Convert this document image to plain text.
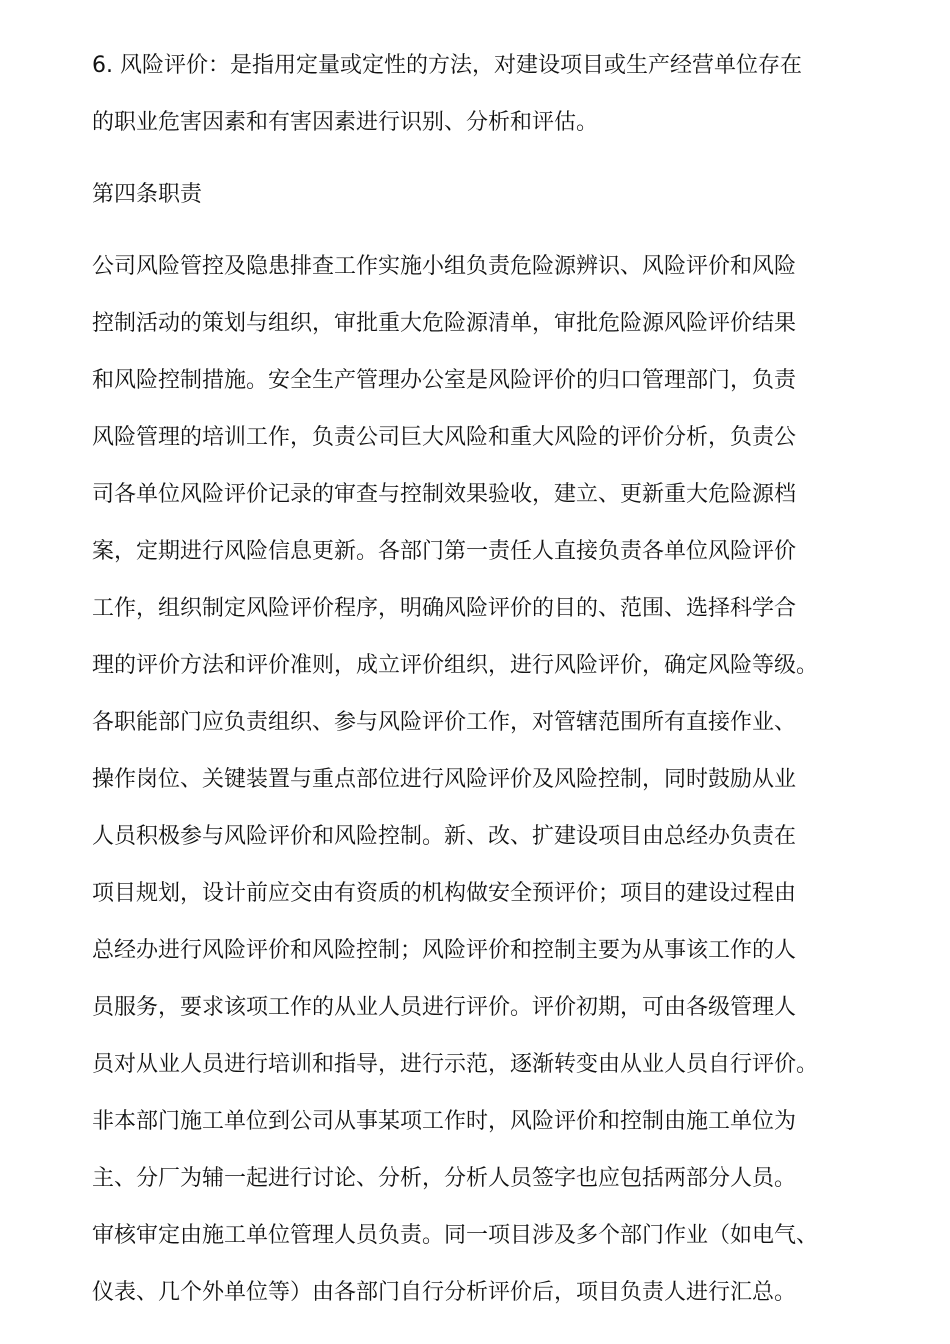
6. 风险评价：是指用定量或定性的方法，对建设项目或生产经营单位存在
的职业危害因素和有害因素进行识别、分析和评估。
第四条职责
公司风险管控及隐患排查工作实施小组负责危险源辨识、风险评价和风险
控制活动的策划与组织，审批重大危险源清单，审批危险源风险评价结果
和风险控制措施。安全生产管理办公室是风险评价的归口管理部门，负责
风险管理的培训工作，负责公司巨大风险和重大风险的评价分析，负责公
司各单位风险评价记录的审查与控制效果验收，建立、更新重大危险源档
案，定期进行风险信息更新。各部门第一责任人直接负责各单位风险评价
工作，组织制定风险评价程序，明确风险评价的目的、范围、选择科学合
理的评价方法和评价准则，成立评价组织，进行风险评价，确定风险等级。
各职能部门应负责组织、参与风险评价工作，对管辖范围所有直接作业、
操作岗位、关键装置与重点部位进行风险评价及风险控制，同时鼓励从业
人员积极参与风险评价和风险控制。新、改、扩建设项目由总经办负责在
项目规划，设计前应交由有资质的机构做安全预评价；项目的建设过程由
总经办进行风险评价和风险控制；风险评价和控制主要为从事该工作的人
员服务，要求该项工作的从业人员进行评价。评价初期，可由各级管理人
员对从业人员进行培训和指导，进行示范，逐渐转变由从业人员自行评价。
非本部门施工单位到公司从事某项工作时，风险评价和控制由施工单位为
主、分厂为辅一起进行讨论、分析，分析人员签字也应包括两部分人员。
审核审定由施工单位管理人员负责。同一项目涉及多个部门作业（如电气、
仪表、几个外单位等）由各部门自行分析评价后，项目负责人进行汇总。
